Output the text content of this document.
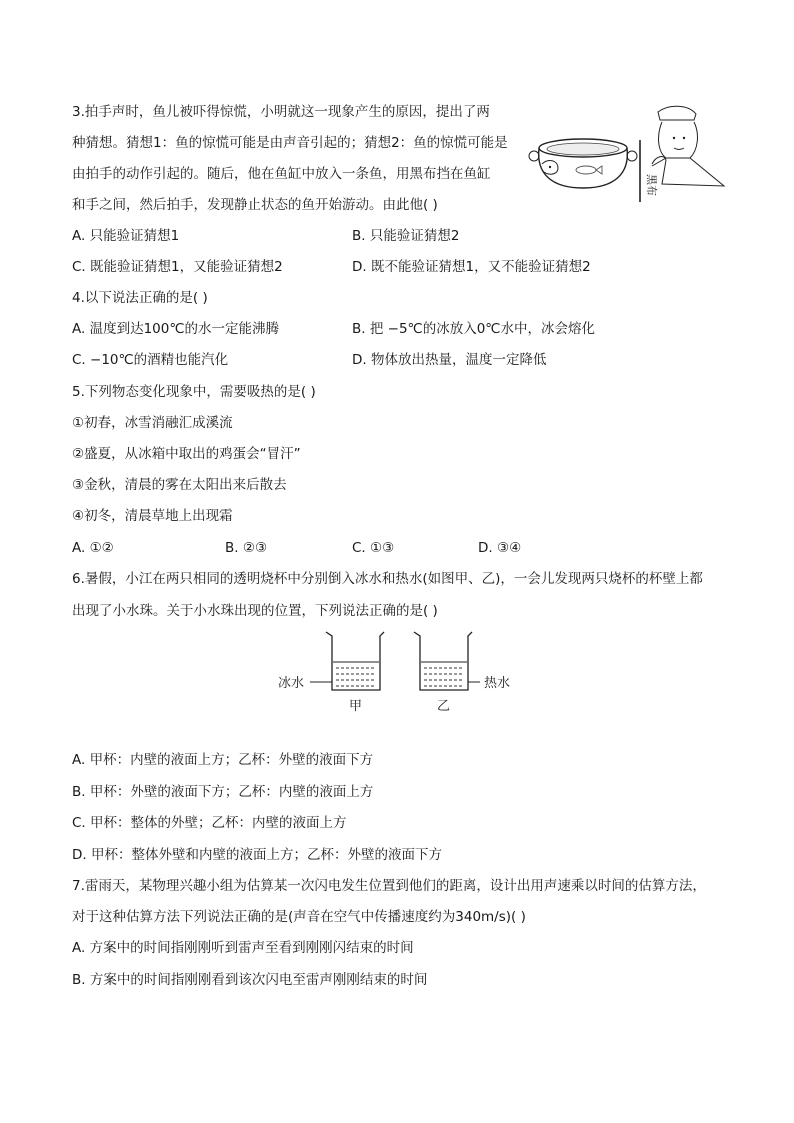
3.拍手声时，鱼儿被吓得惊慌，小明就这一现象产生的原因，提出了两
种猜想。猜想1：鱼的惊慌可能是由声音引起的；猜想2：鱼的惊慌可能是
由拍手的动作引起的。随后，他在鱼缸中放入一条鱼，用黑布挡在鱼缸
和手之间，然后拍手，发现静止状态的鱼开始游动。由此他( )
黑布
A. 只能验证猜想1	B. 只能验证猜想2
C. 既能验证猜想1，又能验证猜想2	D. 既不能验证猜想1，又不能验证猜想2
4.以下说法正确的是( )
A. 温度到达100℃的水一定能沸腾	B. 把 −5℃的冰放入0℃水中，冰会熔化
C. −10℃的酒精也能汽化	D. 物体放出热量，温度一定降低
5.下列物态变化现象中，需要吸热的是( )
①初春，冰雪消融汇成溪流
②盛夏，从冰箱中取出的鸡蛋会“冒汗”
③金秋，清晨的雾在太阳出来后散去
④初冬，清晨草地上出现霜
A. ①②	B. ②③	C. ①③	D. ③④
6.暑假，小江在两只相同的透明烧杯中分别倒入冰水和热水(如图甲、乙)，一会儿发现两只烧杯的杯壁上都
出现了小水珠。关于小水珠出现的位置，下列说法正确的是( )
冰水
甲
热水
乙
A. 甲杯：内壁的液面上方；乙杯：外壁的液面下方
B. 甲杯：外壁的液面下方；乙杯：内壁的液面上方
C. 甲杯：整体的外壁；乙杯：内壁的液面上方
D. 甲杯：整体外壁和内壁的液面上方；乙杯：外壁的液面下方
7.雷雨天，某物理兴趣小组为估算某一次闪电发生位置到他们的距离，设计出用声速乘以时间的估算方法，
对于这种估算方法下列说法正确的是(声音在空气中传播速度约为340m/s)( )
A. 方案中的时间指刚刚听到雷声至看到刚刚闪结束的时间
B. 方案中的时间指刚刚看到该次闪电至雷声刚刚结束的时间
